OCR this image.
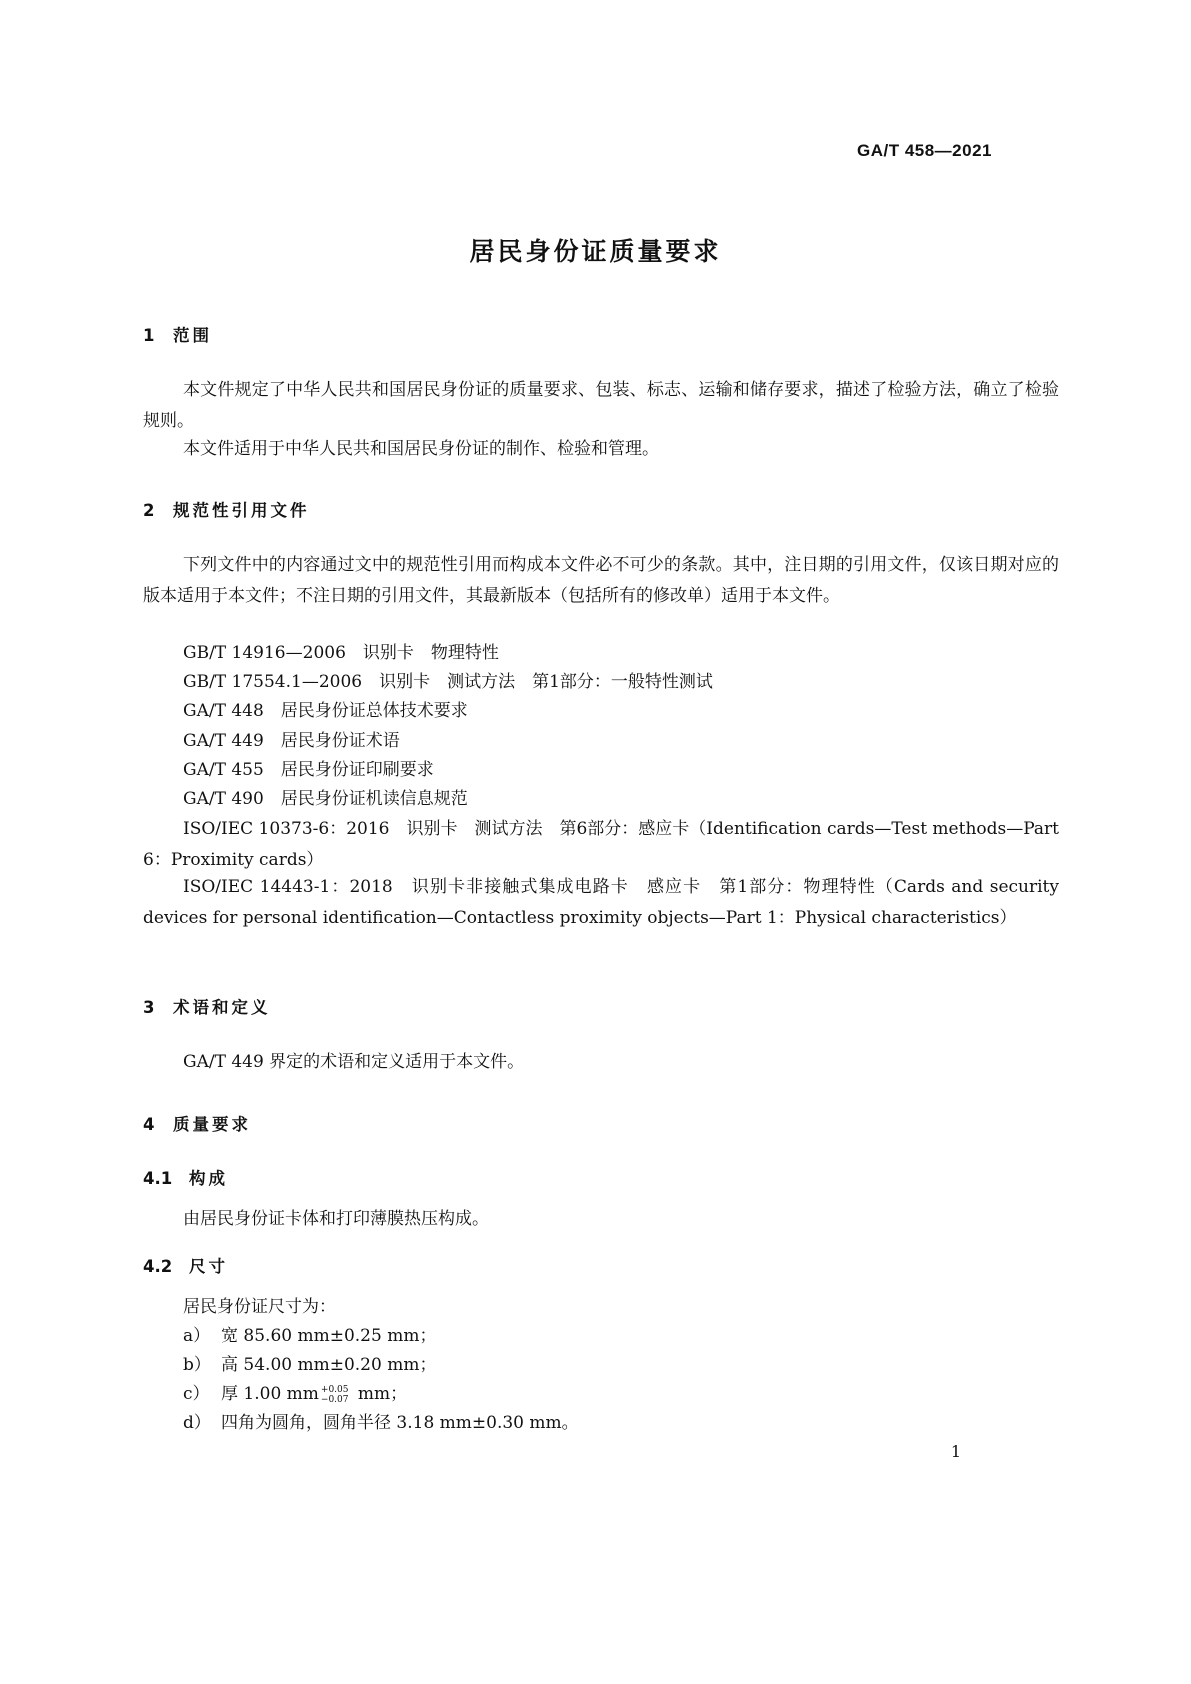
GA/T 458—2021
居民身份证质量要求
1 范围
本文件规定了中华人民共和国居民身份证的质量要求、包装、标志、运输和储存要求，描述了检验方法，确立了检验规则。
本文件适用于中华人民共和国居民身份证的制作、检验和管理。
2 规范性引用文件
下列文件中的内容通过文中的规范性引用而构成本文件必不可少的条款。其中，注日期的引用文件，仅该日期对应的版本适用于本文件；不注日期的引用文件，其最新版本（包括所有的修改单）适用于本文件。
GB/T 14916—2006　识别卡　物理特性
GB/T 17554.1—2006　识别卡　测试方法　第1部分：一般特性测试
GA/T 448　居民身份证总体技术要求
GA/T 449　居民身份证术语
GA/T 455　居民身份证印刷要求
GA/T 490　居民身份证机读信息规范
ISO/IEC 10373-6：2016　识别卡　测试方法　第6部分：感应卡（Identification cards—Test methods—Part 6：Proximity cards）
ISO/IEC 14443-1：2018　识别卡非接触式集成电路卡　感应卡　第1部分：物理特性（Cards and security devices for personal identification—Contactless proximity objects—Part 1：Physical characteristics）
3 术语和定义
GA/T 449 界定的术语和定义适用于本文件。
4 质量要求
4.1 构成
由居民身份证卡体和打印薄膜热压构成。
4.2 尺寸
居民身份证尺寸为：
a） 宽 85.60 mm±0.25 mm；
b） 高 54.00 mm±0.20 mm；
c） 厚 1.00 mm +0.05
−0.07 mm；
d） 四角为圆角，圆角半径 3.18 mm±0.30 mm。
1
